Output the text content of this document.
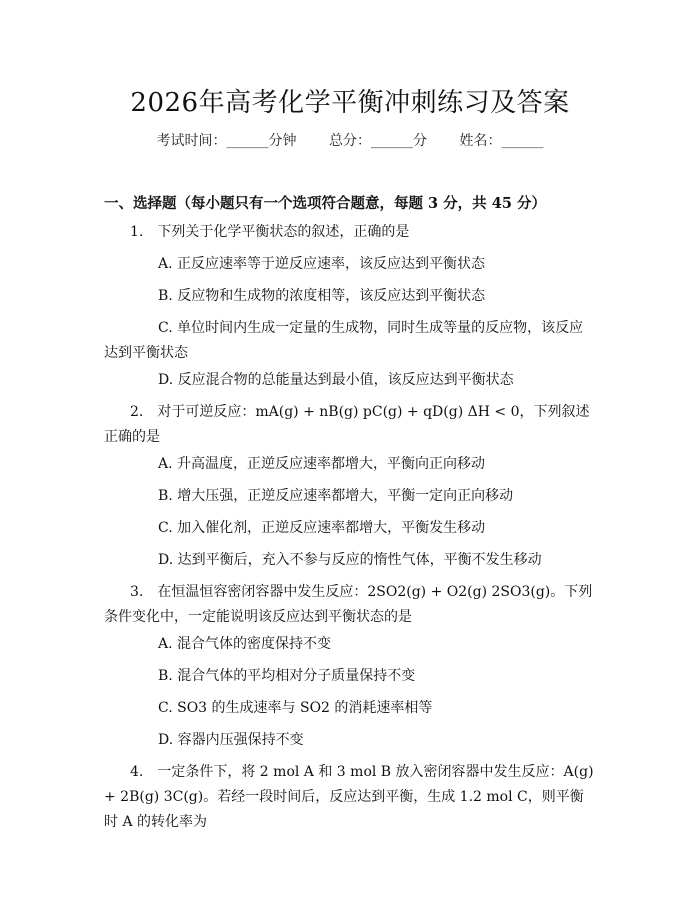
2026年高考化学平衡冲刺练习及答案
考试时间：______分钟 总分：______分 姓名：______
一、选择题（每小题只有一个选项符合题意，每题 3 分，共 45 分）
1.　下列关于化学平衡状态的叙述，正确的是
A. 正反应速率等于逆反应速率，该反应达到平衡状态
B. 反应物和生成物的浓度相等，该反应达到平衡状态
C. 单位时间内生成一定量的生成物，同时生成等量的反应物，该反应达到平衡状态
D. 反应混合物的总能量达到最小值，该反应达到平衡状态
2.　对于可逆反应：mA(g) + nB(g) pC(g) + qD(g) ΔH < 0，下列叙述正确的是
A. 升高温度，正逆反应速率都增大，平衡向正向移动
B. 增大压强，正逆反应速率都增大，平衡一定向正向移动
C. 加入催化剂，正逆反应速率都增大，平衡发生移动
D. 达到平衡后，充入不参与反应的惰性气体，平衡不发生移动
3.　在恒温恒容密闭容器中发生反应：2SO2(g) + O2(g) 2SO3(g)。下列条件变化中，一定能说明该反应达到平衡状态的是
A. 混合气体的密度保持不变
B. 混合气体的平均相对分子质量保持不变
C. SO3 的生成速率与 SO2 的消耗速率相等
D. 容器内压强保持不变
4.　一定条件下，将 2 mol A 和 3 mol B 放入密闭容器中发生反应：A(g) + 2B(g) 3C(g)。若经一段时间后，反应达到平衡，生成 1.2 mol C，则平衡时 A 的转化率为
